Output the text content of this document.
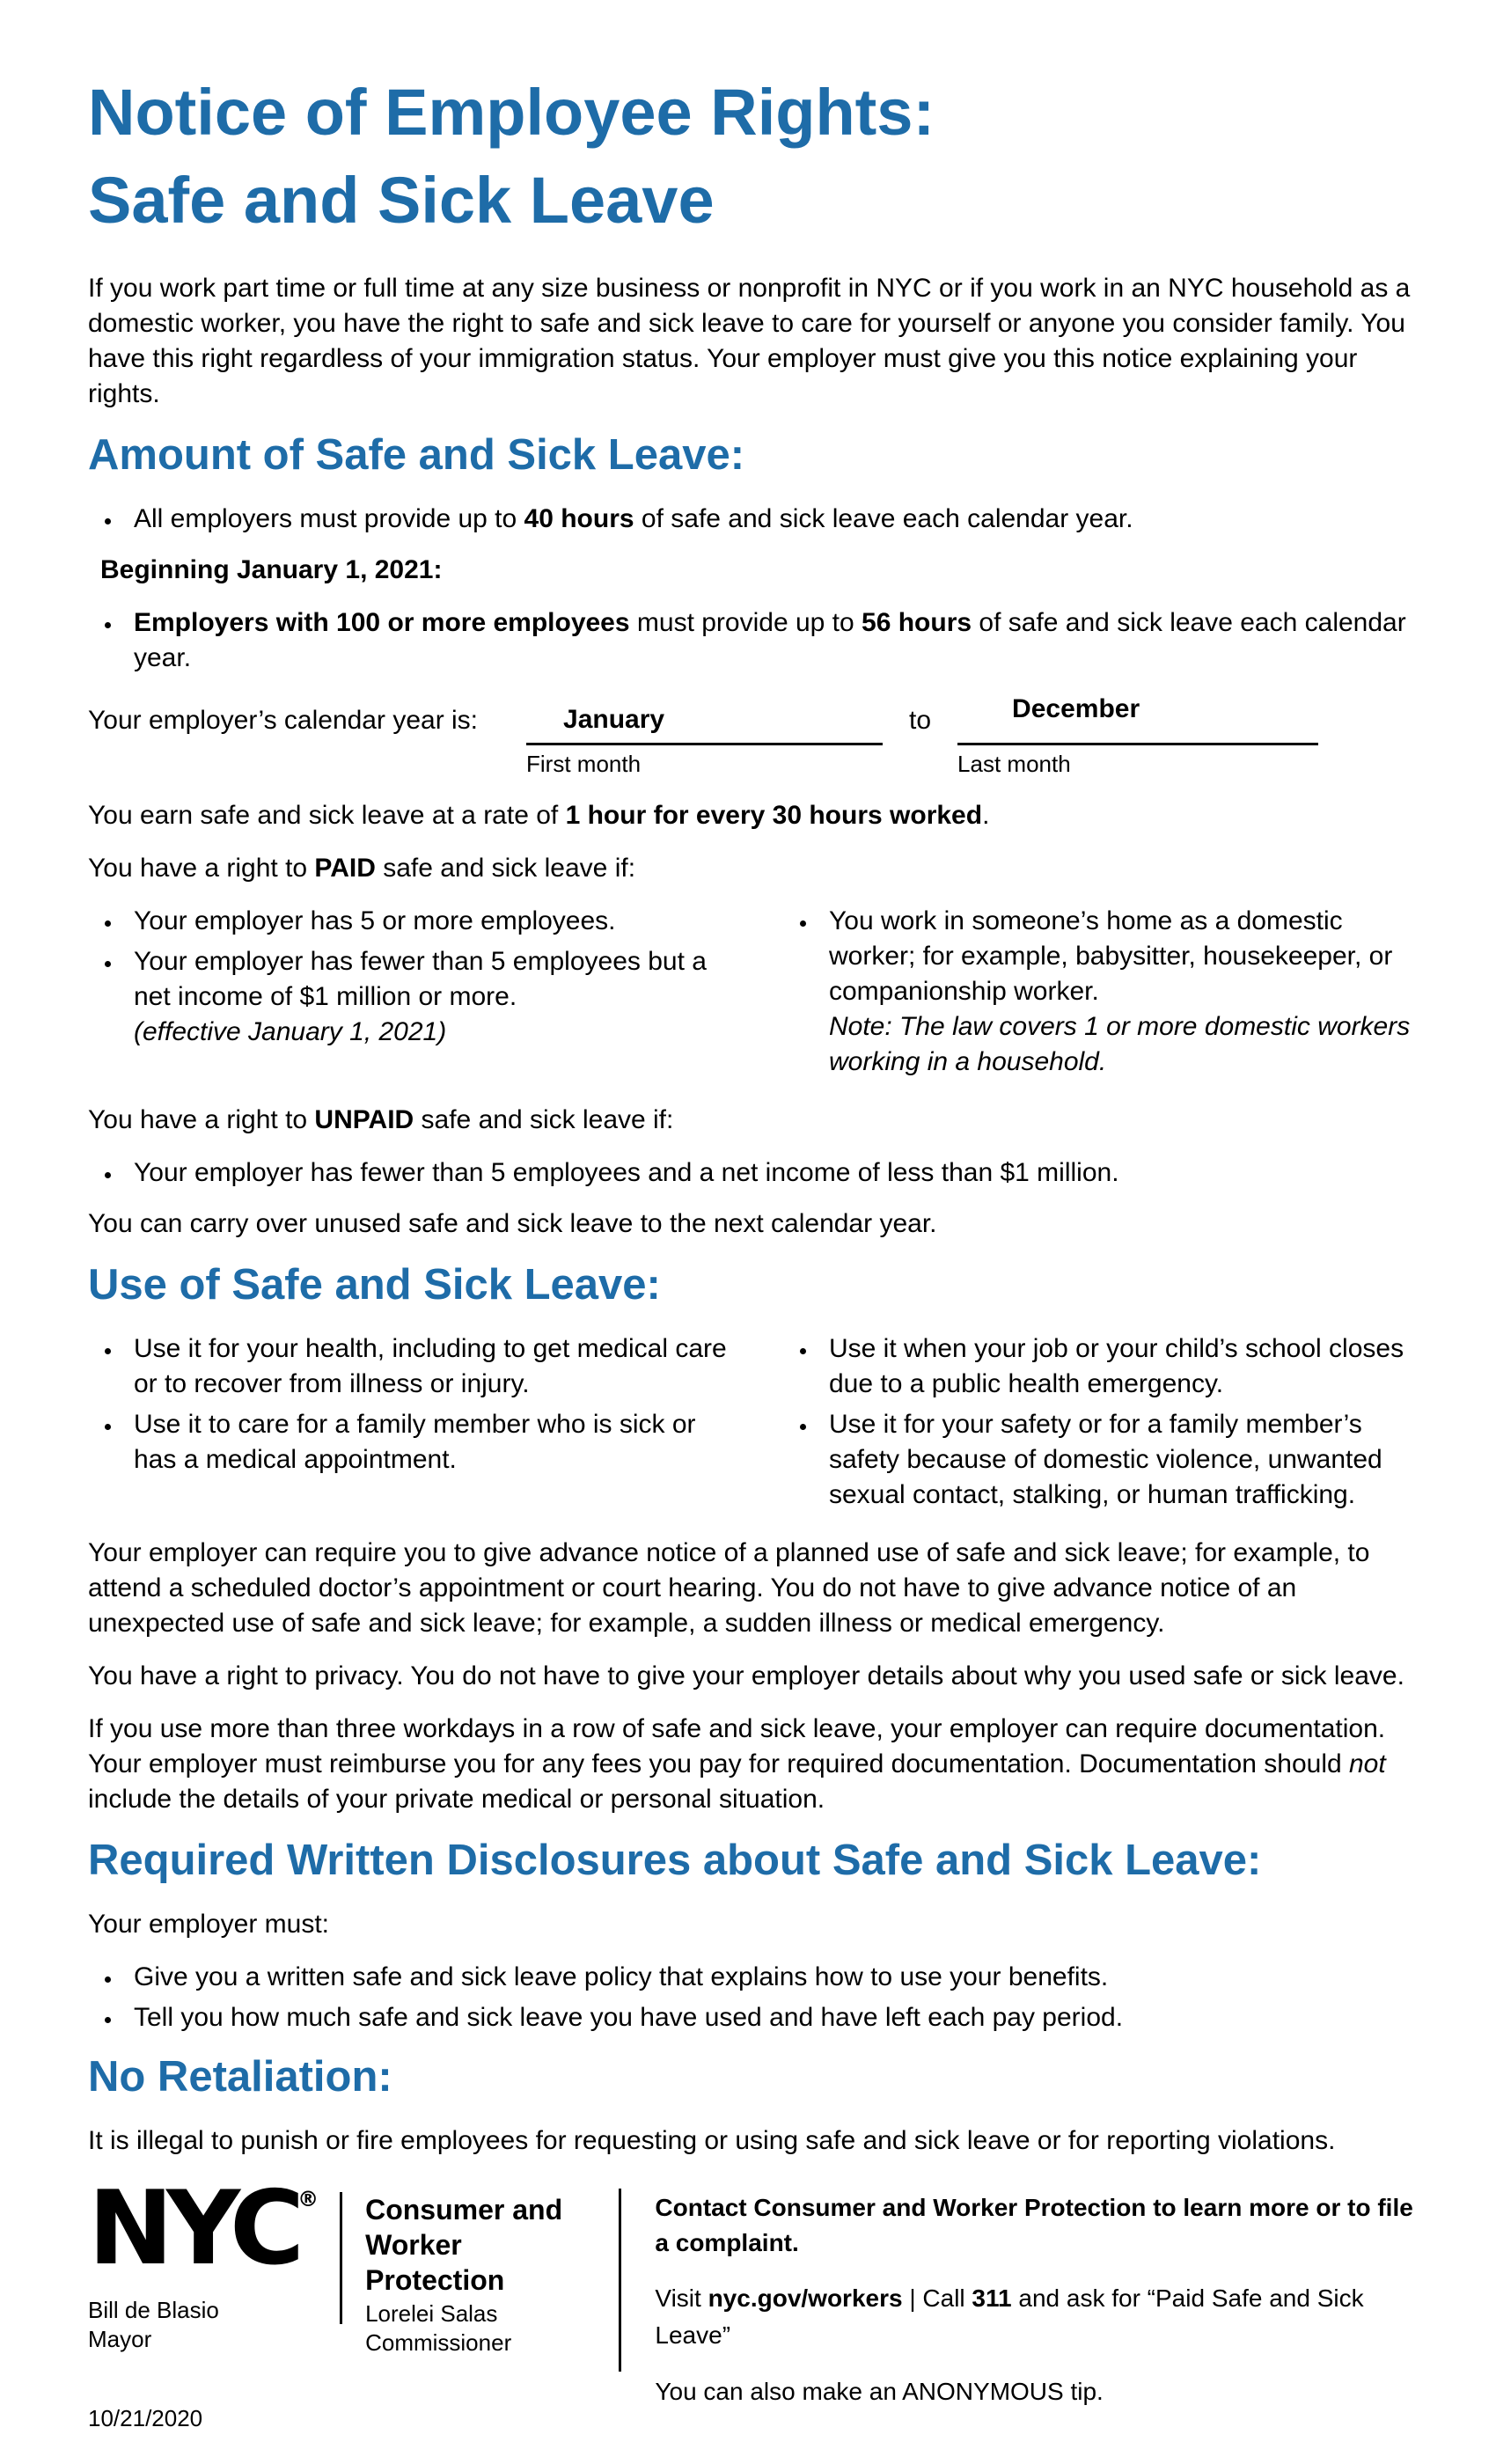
Notice of Employee Rights:
Safe and Sick Leave

If you work part time or full time at any size business or nonprofit in NYC or if you work in an NYC household as a domestic worker, you have the right to safe and sick leave to care for yourself or anyone you consider family. You have this right regardless of your immigration status. Your employer must give you this notice explaining your rights.

Amount of Safe and Sick Leave:
• All employers must provide up to 40 hours of safe and sick leave each calendar year.

Beginning January 1, 2021:

• Employers with 100 or more employees must provide up to 56 hours of safe and sick leave each calendar year.
Your employer’s calendar year is:	January
First month
to	December
Last month

You earn safe and sick leave at a rate of 1 hour for every 30 hours worked.

You have a right to PAID safe and sick leave if:

• Your employer has 5 or more employees.
• Your employer has fewer than 5 employees but a net income of $1 million or more.
(effective January 1, 2021)
• You work in someone’s home as a domestic worker; for example, babysitter, housekeeper, or companionship worker.
Note: The law covers 1 or more domestic workers working in a household.

You have a right to UNPAID safe and sick leave if:

• Your employer has fewer than 5 employees and a net income of less than $1 million.

You can carry over unused safe and sick leave to the next calendar year.

Use of Safe and Sick Leave:
• Use it for your health, including to get medical care or to recover from illness or injury.
• Use it to care for a family member who is sick or has a medical appointment.
• Use it when your job or your child’s school closes due to a public health emergency.
• Use it for your safety or for a family member’s safety because of domestic violence, unwanted sexual contact, stalking, or human trafficking.

Your employer can require you to give advance notice of a planned use of safe and sick leave; for example, to attend a scheduled doctor’s appointment or court hearing. You do not have to give advance notice of an unexpected use of safe and sick leave; for example, a sudden illness or medical emergency.

You have a right to privacy. You do not have to give your employer details about why you used safe or sick leave.

If you use more than three workdays in a row of safe and sick leave, your employer can require documentation. Your employer must reimburse you for any fees you pay for required documentation. Documentation should not include the details of your private medical or personal situation.

Required Written Disclosures about Safe and Sick Leave:

Your employer must:

• Give you a written safe and sick leave policy that explains how to use your benefits.
• Tell you how much safe and sick leave you have used and have left each pay period.
No Retaliation:

It is illegal to punish or fire employees for requesting or using safe and sick leave or for reporting violations.

NYC®
Bill de Blasio
Mayor
Consumer and
Worker Protection
Lorelei Salas
Commissioner

Contact Consumer and Worker Protection to learn more or to file a complaint.

Visit nyc.gov/workers | Call 311 and ask for “Paid Safe and Sick Leave”

You can also make an ANONYMOUS tip.

10/21/2020
